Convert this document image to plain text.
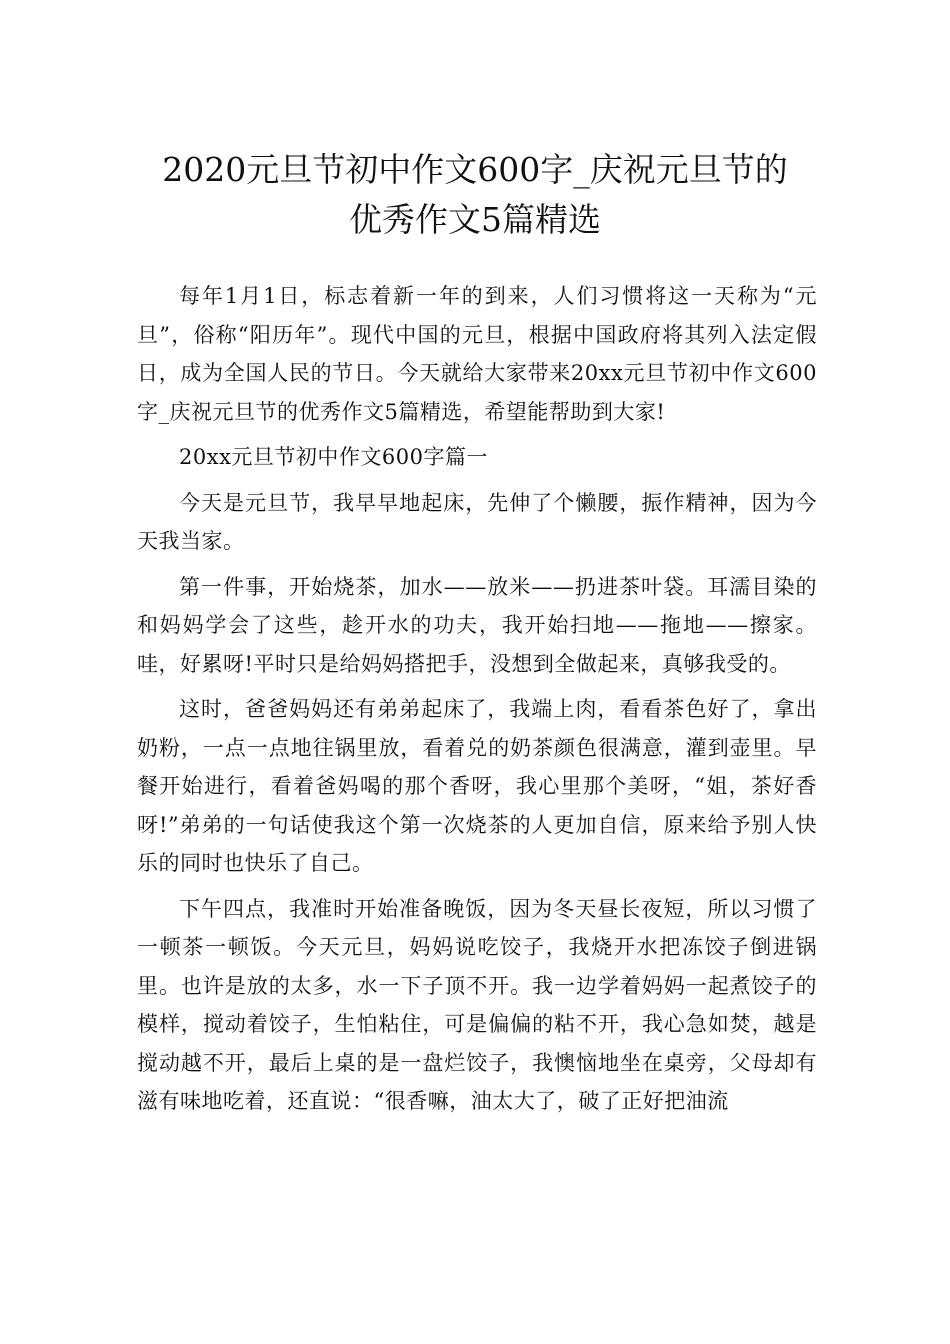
2020元旦节初中作文600字_庆祝元旦节的
优秀作文5篇精选

每年1月1日，标志着新一年的到来，人们习惯将这一天称为“元旦”，俗称“阳历年”。现代中国的元旦，根据中国政府将其列入法定假日，成为全国人民的节日。今天就给大家带来20xx元旦节初中作文600字_庆祝元旦节的优秀作文5篇精选，希望能帮助到大家!

20xx元旦节初中作文600字篇一

今天是元旦节，我早早地起床，先伸了个懒腰，振作精神，因为今天我当家。

第一件事，开始烧茶，加水——放米——扔进茶叶袋。耳濡目染的和妈妈学会了这些，趁开水的功夫，我开始扫地——拖地——擦家。哇，好累呀!平时只是给妈妈搭把手，没想到全做起来，真够我受的。

这时，爸爸妈妈还有弟弟起床了，我端上肉，看看茶色好了，拿出奶粉，一点一点地往锅里放，看着兑的奶茶颜色很满意，灌到壶里。早餐开始进行，看着爸妈喝的那个香呀，我心里那个美呀，“姐，茶好香呀!”弟弟的一句话使我这个第一次烧茶的人更加自信，原来给予别人快乐的同时也快乐了自己。

下午四点，我准时开始准备晚饭，因为冬天昼长夜短，所以习惯了一顿茶一顿饭。今天元旦，妈妈说吃饺子，我烧开水把冻饺子倒进锅里。也许是放的太多，水一下子顶不开。我一边学着妈妈一起煮饺子的模样，搅动着饺子，生怕粘住，可是偏偏的粘不开，我心急如焚，越是搅动越不开，最后上桌的是一盘烂饺子，我懊恼地坐在桌旁，父母却有滋有味地吃着，还直说：“很香嘛，油太大了，破了正好把油流
